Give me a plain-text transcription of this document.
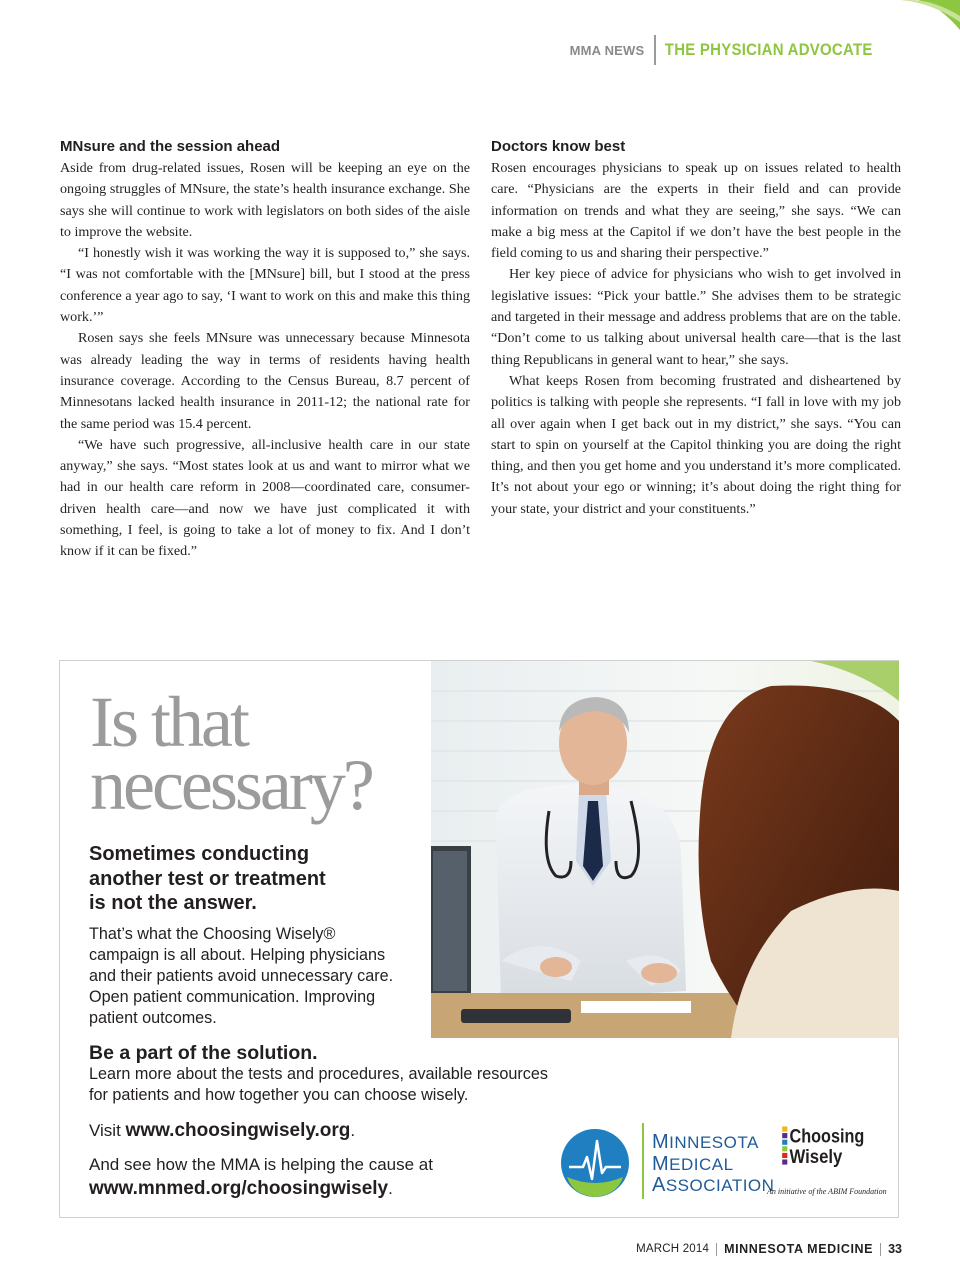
MMA NEWS	THE PHYSICIAN ADVOCATE
MNsure and the session ahead

Aside from drug-related issues, Rosen will be keeping an eye on the ongoing struggles of MNsure, the state’s health insurance exchange. She says she will continue to work with legislators on both sides of the aisle to improve the website.

“I honestly wish it was working the way it is supposed to,” she says. “I was not comfortable with the [MNsure] bill, but I stood at the press conference a year ago to say, ‘I want to work on this and make this thing work.’”

Rosen says she feels MNsure was unnecessary because Minnesota was already leading the way in terms of residents having health insurance coverage. According to the Census Bureau, 8.7 percent of Minnesotans lacked health insurance in 2011-12; the national rate for the same period was 15.4 percent.

“We have such progressive, all-inclusive health care in our state anyway,” she says. “Most states look at us and want to mirror what we had in our health care reform in 2008—coordinated care, consumer-driven health care—and now we have just complicated it with something, I feel, is going to take a lot of money to fix. And I don’t know if it can be fixed.”

Doctors know best

Rosen encourages physicians to speak up on issues related to health care. “Physicians are the experts in their field and can provide information on trends and what they are seeing,” she says. “We can make a big mess at the Capitol if we don’t have the best people in the field coming to us and sharing their perspective.”

Her key piece of advice for physicians who wish to get involved in legislative issues: “Pick your battle.” She advises them to be strategic and targeted in their message and address problems that are on the table. “Don’t come to us talking about universal health care—that is the last thing Republicans in general want to hear,” she says.

What keeps Rosen from becoming frustrated and disheartened by politics is talking with people she represents. “I fall in love with my job all over again when I get back out in my district,” she says. “You can start to spin on yourself at the Capitol thinking you are doing the right thing, and then you get home and you understand it’s more complicated. It’s not about your ego or winning; it’s about doing the right thing for your state, your district and your constituents.”

Is that
necessary?
Sometimes conducting
another test or treatment
is not the answer.
That’s what the Choosing Wisely®
campaign is all about. Helping physicians
and their patients avoid unnecessary care.
Open patient communication. Improving
patient outcomes.
Be a part of the solution.
Learn more about the tests and procedures, available resources
for patients and how together you can choose wisely.
Visit www.choosingwisely.org.
And see how the MMA is helping the cause at
www.mnmed.org/choosingwisely.
MINNESOTA
MEDICAL
ASSOCIATION
Choosing
Wisely
An initiative of the ABIM Foundation
MARCH 2014 MINNESOTA MEDICINE 33
